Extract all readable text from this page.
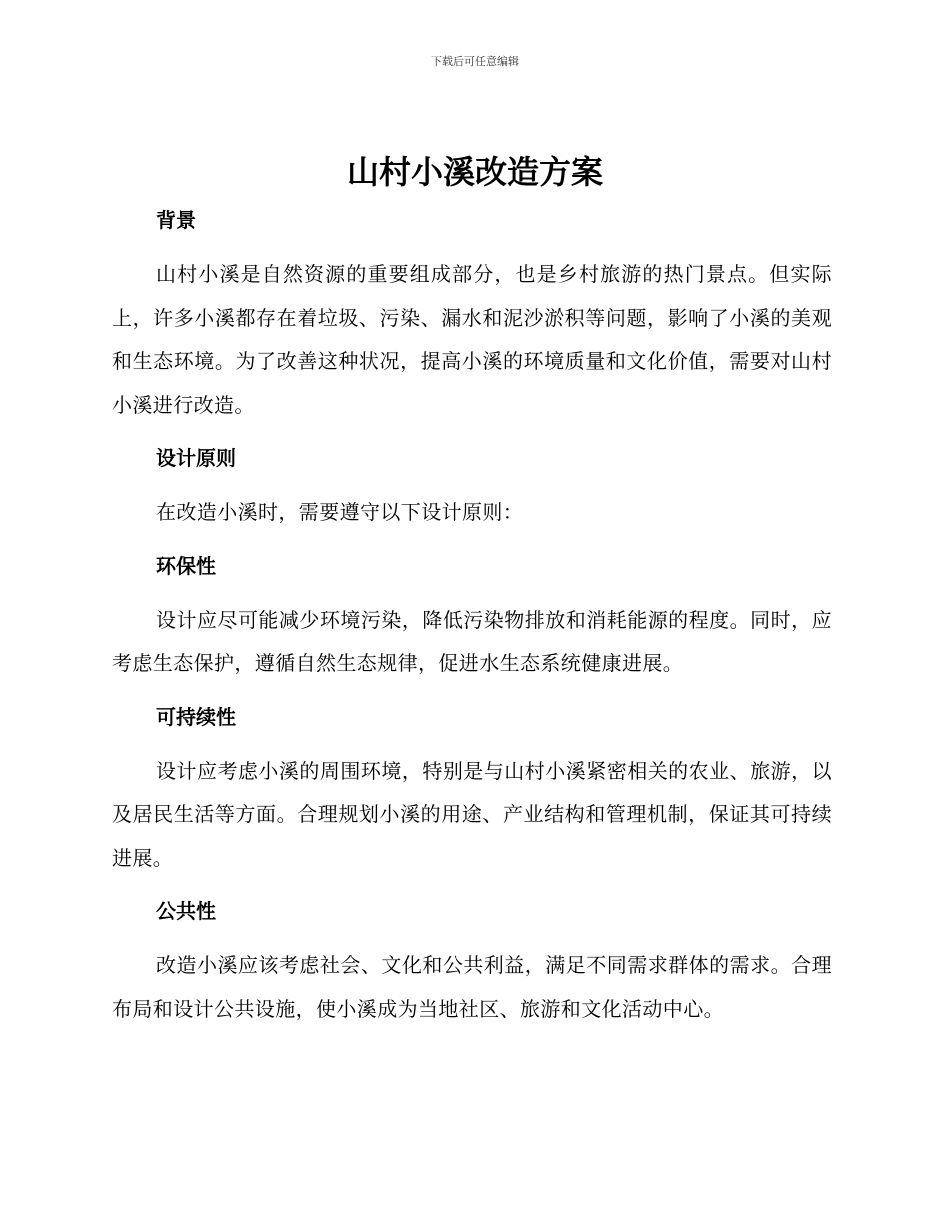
下载后可任意编辑
山村小溪改造方案
背景

山村小溪是自然资源的重要组成部分，也是乡村旅游的热门景点。但实际上，许多小溪都存在着垃圾、污染、漏水和泥沙淤积等问题，影响了小溪的美观和生态环境。为了改善这种状况，提高小溪的环境质量和文化价值，需要对山村小溪进行改造。

设计原则

在改造小溪时，需要遵守以下设计原则：

环保性

设计应尽可能减少环境污染，降低污染物排放和消耗能源的程度。同时，应考虑生态保护，遵循自然生态规律，促进水生态系统健康进展。

可持续性

设计应考虑小溪的周围环境，特别是与山村小溪紧密相关的农业、旅游，以及居民生活等方面。合理规划小溪的用途、产业结构和管理机制，保证其可持续进展。

公共性

改造小溪应该考虑社会、文化和公共利益，满足不同需求群体的需求。合理布局和设计公共设施，使小溪成为当地社区、旅游和文化活动中心。
